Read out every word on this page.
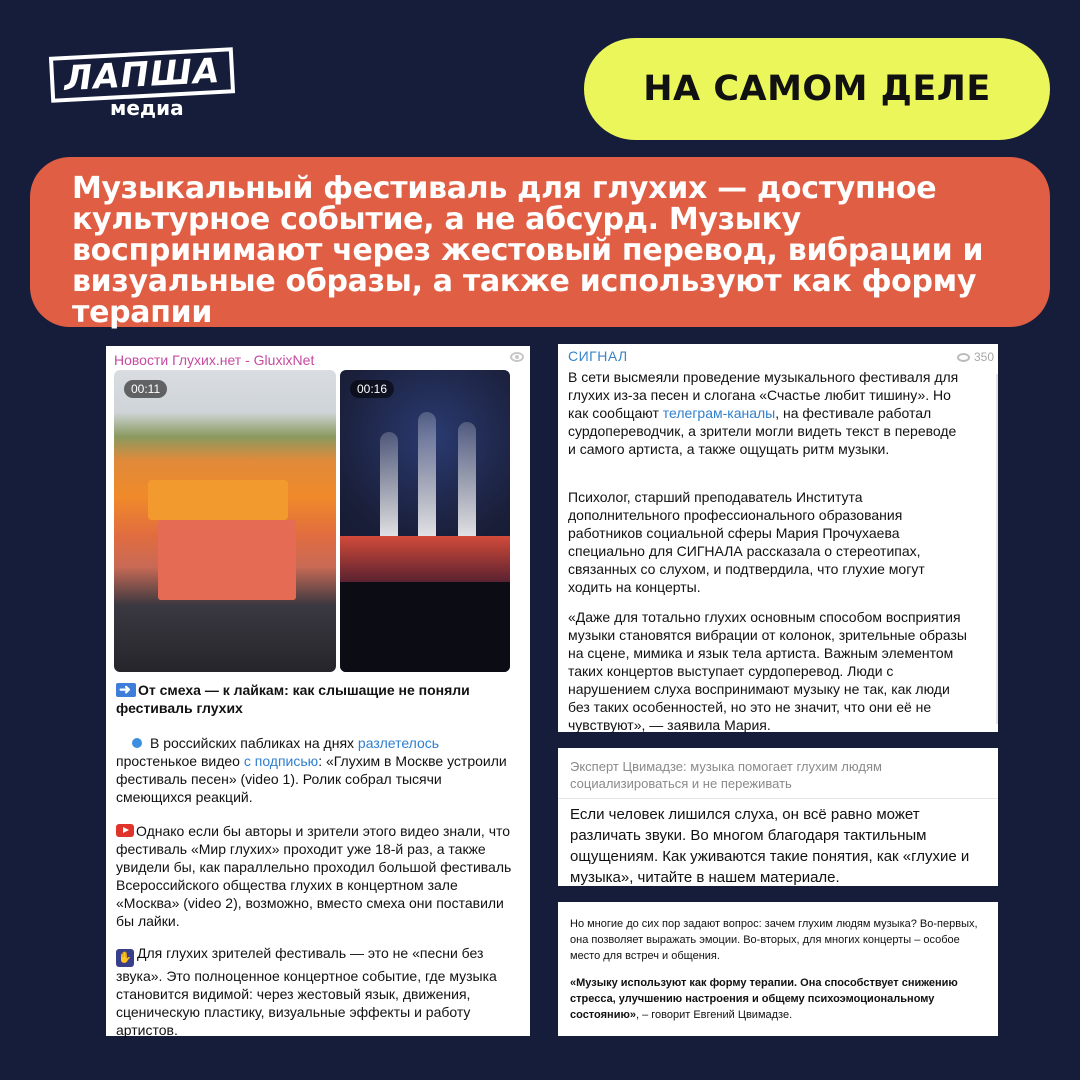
ЛАПША
медиа	НА САМОМ ДЕЛЕ

Музыкальный фестиваль для глухих — доступное культурное событие, а не абсурд. Музыку воспринимают через жестовый перевод, вибрации и визуальные образы, а также используют как форму терапии

Новости Глухих.нет - GluxixNet
00:11	00:16
➜От смеха — к лайкам: как слышащие не поняли фестиваль глухих
В российских пабликах на днях разлетелось простенькое видео с подписью: «Глухим в Москве устроили фестиваль песен» (video 1). Ролик собрал тысячи смеющихся реакций.
Однако если бы авторы и зрители этого видео знали, что фестиваль «Мир глухих» проходит уже 18-й раз, а также увидели бы, как параллельно проходил большой фестиваль Всероссийского общества глухих в концертном зале «Москва» (video 2), возможно, вместо смеха они поставили бы лайки.
✋ Для глухих зрителей фестиваль — это не «песни без звука». Это полноценное концертное событие, где музыка становится видимой: через жестовый язык, движения, сценическую пластику, визуальные эффекты и работу артистов.
СИГНАЛ	350
В сети высмеяли проведение музыкального фестиваля для глухих из-за песен и слогана «Счастье любит тишину». Но как сообщают телеграм-каналы, на фестивале работал сурдопереводчик, а зрители могли видеть текст в переводе и самого артиста, а также ощущать ритм музыки.
Психолог, старший преподаватель Института дополнительного профессионального образования работников социальной сферы Мария Прочухаева специально для СИГНАЛА рассказала о стереотипах, связанных со слухом, и подтвердила, что глухие могут ходить на концерты.
«Даже для тотально глухих основным способом восприятия музыки становятся вибрации от колонок, зрительные образы на сцене, мимика и язык тела артиста. Важным элементом таких концертов выступает сурдоперевод. Люди с нарушением слуха воспринимают музыку не так, как люди без таких особенностей, но это не значит, что они её не чувствуют», — заявила Мария.
Эксперт Цвимадзе: музыка помогает глухим людям социализироваться и не переживать
Если человек лишился слуха, он всё равно может различать звуки. Во многом благодаря тактильным ощущениям. Как уживаются такие понятия, как «глухие и музыка», читайте в нашем материале.

Но многие до сих пор задают вопрос: зачем глухим людям музыка? Во-первых, она позволяет выражать эмоции. Во-вторых, для многих концерты – особое место для встреч и общения.

«Музыку используют как форму терапии. Она способствует снижению стресса, улучшению настроения и общему психоэмоциональному состоянию», – говорит Евгений Цвимадзе.
